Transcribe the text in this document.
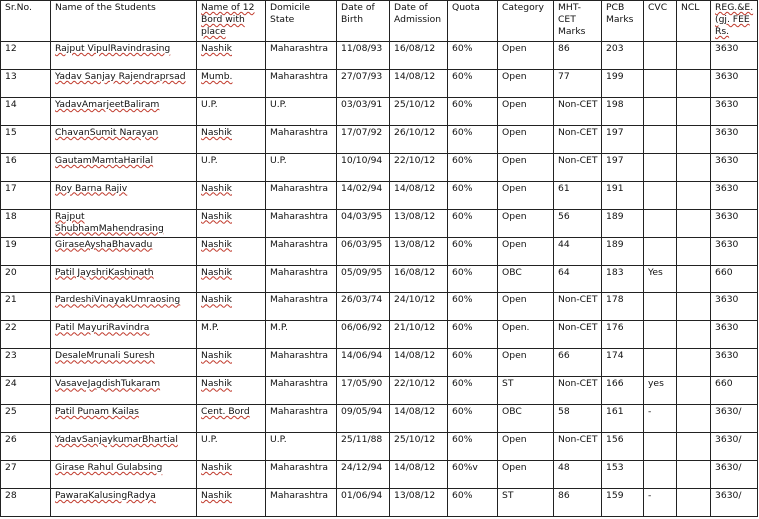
Sr.No.	Name of the Students	Name of 12 Bord with place	Domicile State	Date of Birth	Date of Admission	Quota	Category	MHT-CET Marks	PCB Marks	CVC	NCL	REG.&E.(gj. FEE Rs.
12	Rajput VipulRavindrasing	Nashik	Maharashtra	11/08/93	16/08/12	60%	Open	86	203			3630
13	Yadav Sanjay Rajendraprsad	Mumb.	Maharashtra	27/07/93	14/08/12	60%	Open	77	199			3630
14	YadavAmarjeetBaliram	U.P.	U.P.	03/03/91	25/10/12	60%	Open	Non-CET	198			3630
15	ChavanSumit Narayan	Nashik	Maharashtra	17/07/92	26/10/12	60%	Open	Non-CET	197			3630
16	GautamMamtaHarilal	U.P.	U.P.	10/10/94	22/10/12	60%	Open	Non-CET	197			3630
17	Roy Barna Rajiv	Nashik	Maharashtra	14/02/94	14/08/12	60%	Open	61	191			3630
18	Rajput ShubhamMahendrasing	Nashik	Maharashtra	04/03/95	13/08/12	60%	Open	56	189			3630
19	GiraseAyshaBhavadu	Nashik	Maharashtra	06/03/95	13/08/12	60%	Open	44	189			3630
20	Patil JayshriKashinath	Nashik	Maharashtra	05/09/95	16/08/12	60%	OBC	64	183	Yes		660
21	PardeshiVinayakUmraosing	Nashik	Maharashtra	26/03/74	24/10/12	60%	Open	Non-CET	178			3630
22	Patil MayuriRavindra	M.P.	M.P.	06/06/92	21/10/12	60%	Open.	Non-CET	176			3630
23	DesaleMrunali Suresh	Nashik	Maharashtra	14/06/94	14/08/12	60%	Open	66	174			3630
24	VasaveJagdishTukaram	Nashik	Maharashtra	17/05/90	22/10/12	60%	ST	Non-CET	166	yes		660
25	Patil Punam Kailas	Cent. Bord	Maharashtra	09/05/94	14/08/12	60%	OBC	58	161	-		3630/
26	YadavSanjaykumarBhartial	U.P.	U.P.	25/11/88	25/10/12	60%	Open	Non-CET	156			3630/
27	Girase Rahul Gulabsing	Nashik	Maharashtra	24/12/94	14/08/12	60%v	Open	48	153			3630/
28	PawaraKalusingRadya	Nashik	Maharashtra	01/06/94	13/08/12	60%	ST	86	159	-		3630/
